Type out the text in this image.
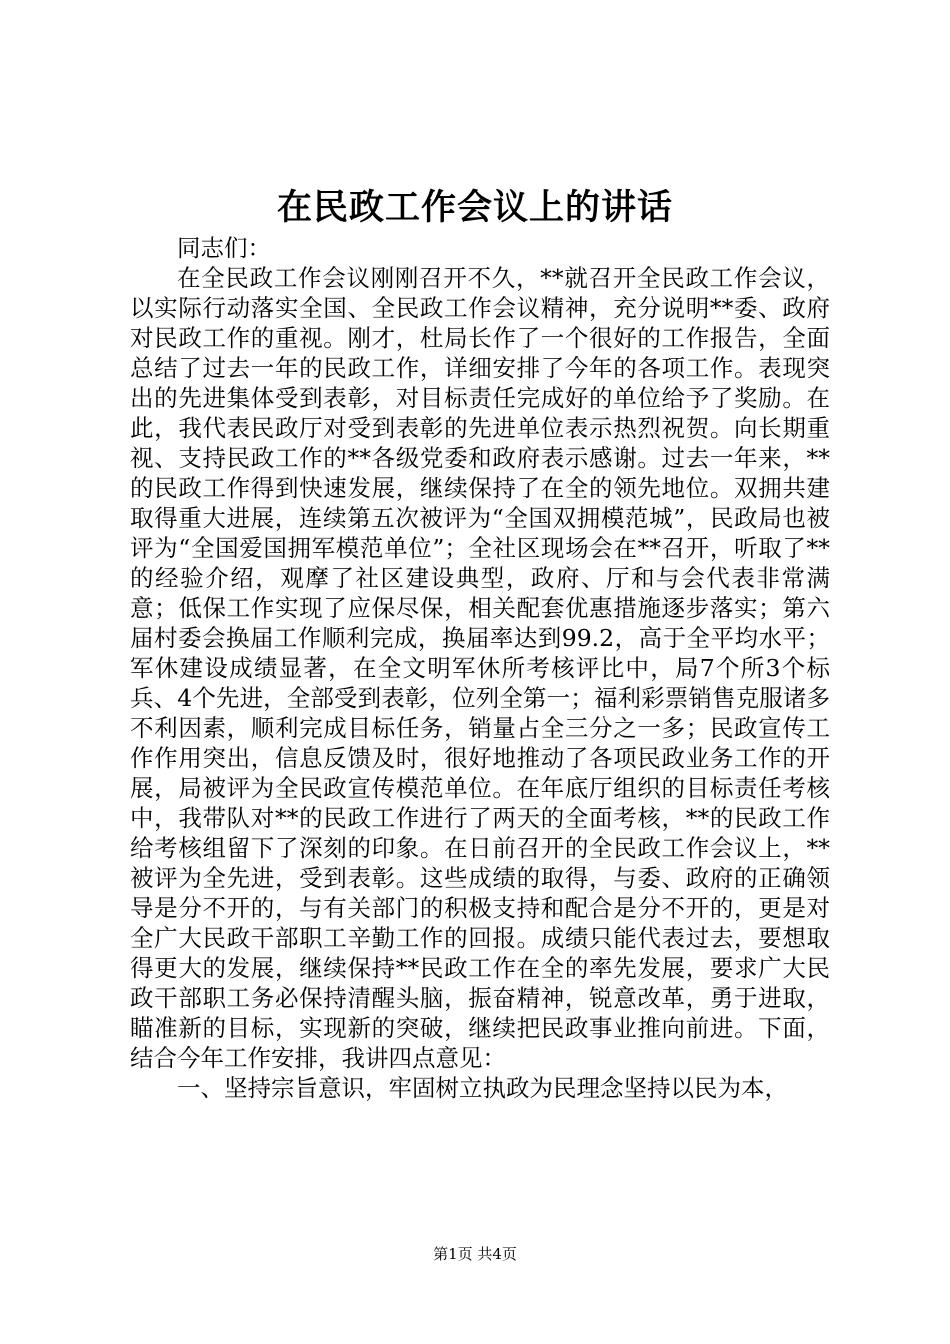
在民政工作会议上的讲话

同志们：

在全民政工作会议刚刚召开不久，**就召开全民政工作会议，以实际行动落实全国、全民政工作会议精神，充分说明**委、政府对民政工作的重视。刚才，杜局长作了一个很好的工作报告，全面总结了过去一年的民政工作，详细安排了今年的各项工作。表现突出的先进集体受到表彰，对目标责任完成好的单位给予了奖励。在此，我代表民政厅对受到表彰的先进单位表示热烈祝贺。向长期重视、支持民政工作的**各级党委和政府表示感谢。过去一年来，**的民政工作得到快速发展，继续保持了在全的领先地位。双拥共建取得重大进展，连续第五次被评为“全国双拥模范城”，民政局也被评为“全国爱国拥军模范单位”；全社区现场会在**召开，听取了**的经验介绍，观摩了社区建设典型，政府、厅和与会代表非常满意；低保工作实现了应保尽保，相关配套优惠措施逐步落实；第六届村委会换届工作顺利完成，换届率达到99.2，高于全平均水平；军休建设成绩显著，在全文明军休所考核评比中，局7个所3个标兵、4个先进，全部受到表彰，位列全第一；福利彩票销售克服诸多不利因素，顺利完成目标任务，销量占全三分之一多；民政宣传工作作用突出，信息反馈及时，很好地推动了各项民政业务工作的开展，局被评为全民政宣传模范单位。在年底厅组织的目标责任考核中，我带队对**的民政工作进行了两天的全面考核，**的民政工作给考核组留下了深刻的印象。在日前召开的全民政工作会议上，**被评为全先进，受到表彰。这些成绩的取得，与委、政府的正确领导是分不开的，与有关部门的积极支持和配合是分不开的，更是对全广大民政干部职工辛勤工作的回报。成绩只能代表过去，要想取得更大的发展，继续保持**民政工作在全的率先发展，要求广大民政干部职工务必保持清醒头脑，振奋精神，锐意改革，勇于进取，瞄准新的目标，实现新的突破，继续把民政事业推向前进。下面，结合今年工作安排，我讲四点意见：

一、坚持宗旨意识，牢固树立执政为民理念坚持以民为本，

第1页 共4页
